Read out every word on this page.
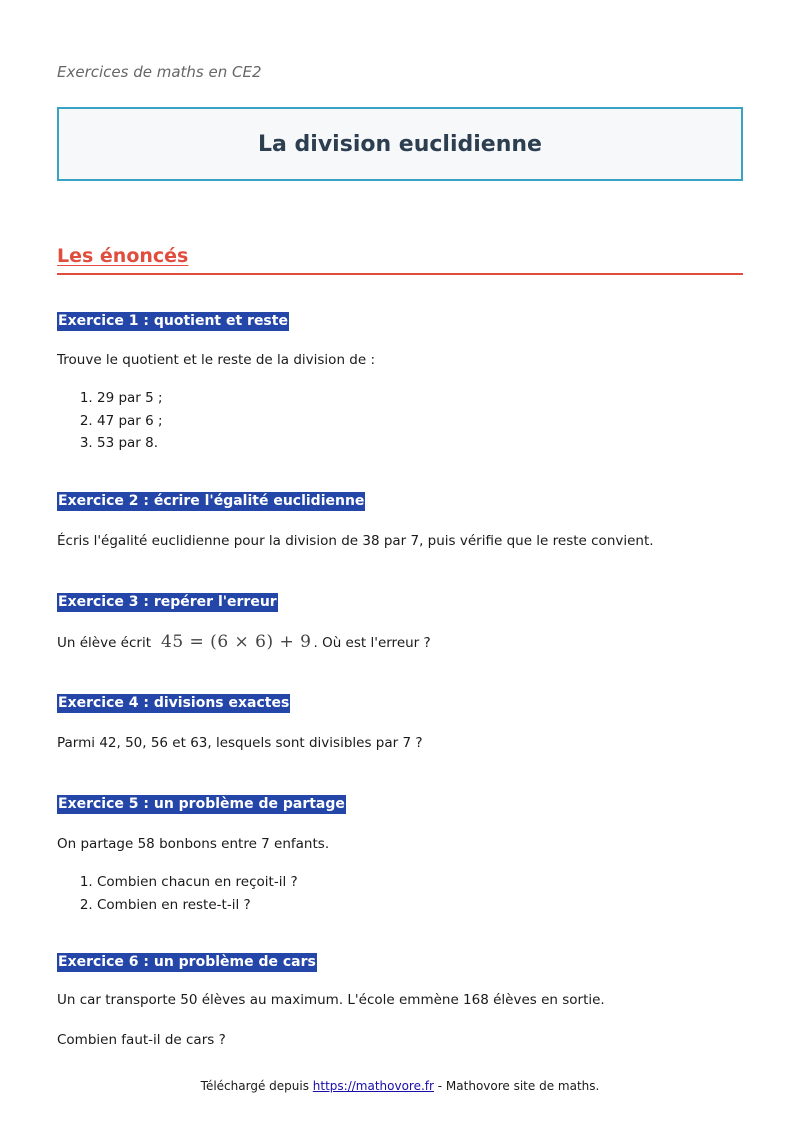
Exercices de maths en CE2
La division euclidienne
Les énoncés
Exercice 1 : quotient et reste
Trouve le quotient et le reste de la division de :
1. 29 par 5 ;
2. 47 par 6 ;
3. 53 par 8.
Exercice 2 : écrire l'égalité euclidienne
Écris l'égalité euclidienne pour la division de 38 par 7, puis vérifie que le reste convient.
Exercice 3 : repérer l'erreur
Un élève écrit 45 = (6 × 6) + 9 . Où est l'erreur ?
Exercice 4 : divisions exactes
Parmi 42, 50, 56 et 63, lesquels sont divisibles par 7 ?
Exercice 5 : un problème de partage
On partage 58 bonbons entre 7 enfants.
1. Combien chacun en reçoit-il ?
2. Combien en reste-t-il ?
Exercice 6 : un problème de cars
Un car transporte 50 élèves au maximum. L'école emmène 168 élèves en sortie.
Combien faut-il de cars ?
Téléchargé depuis https://mathovore.fr - Mathovore site de maths.
